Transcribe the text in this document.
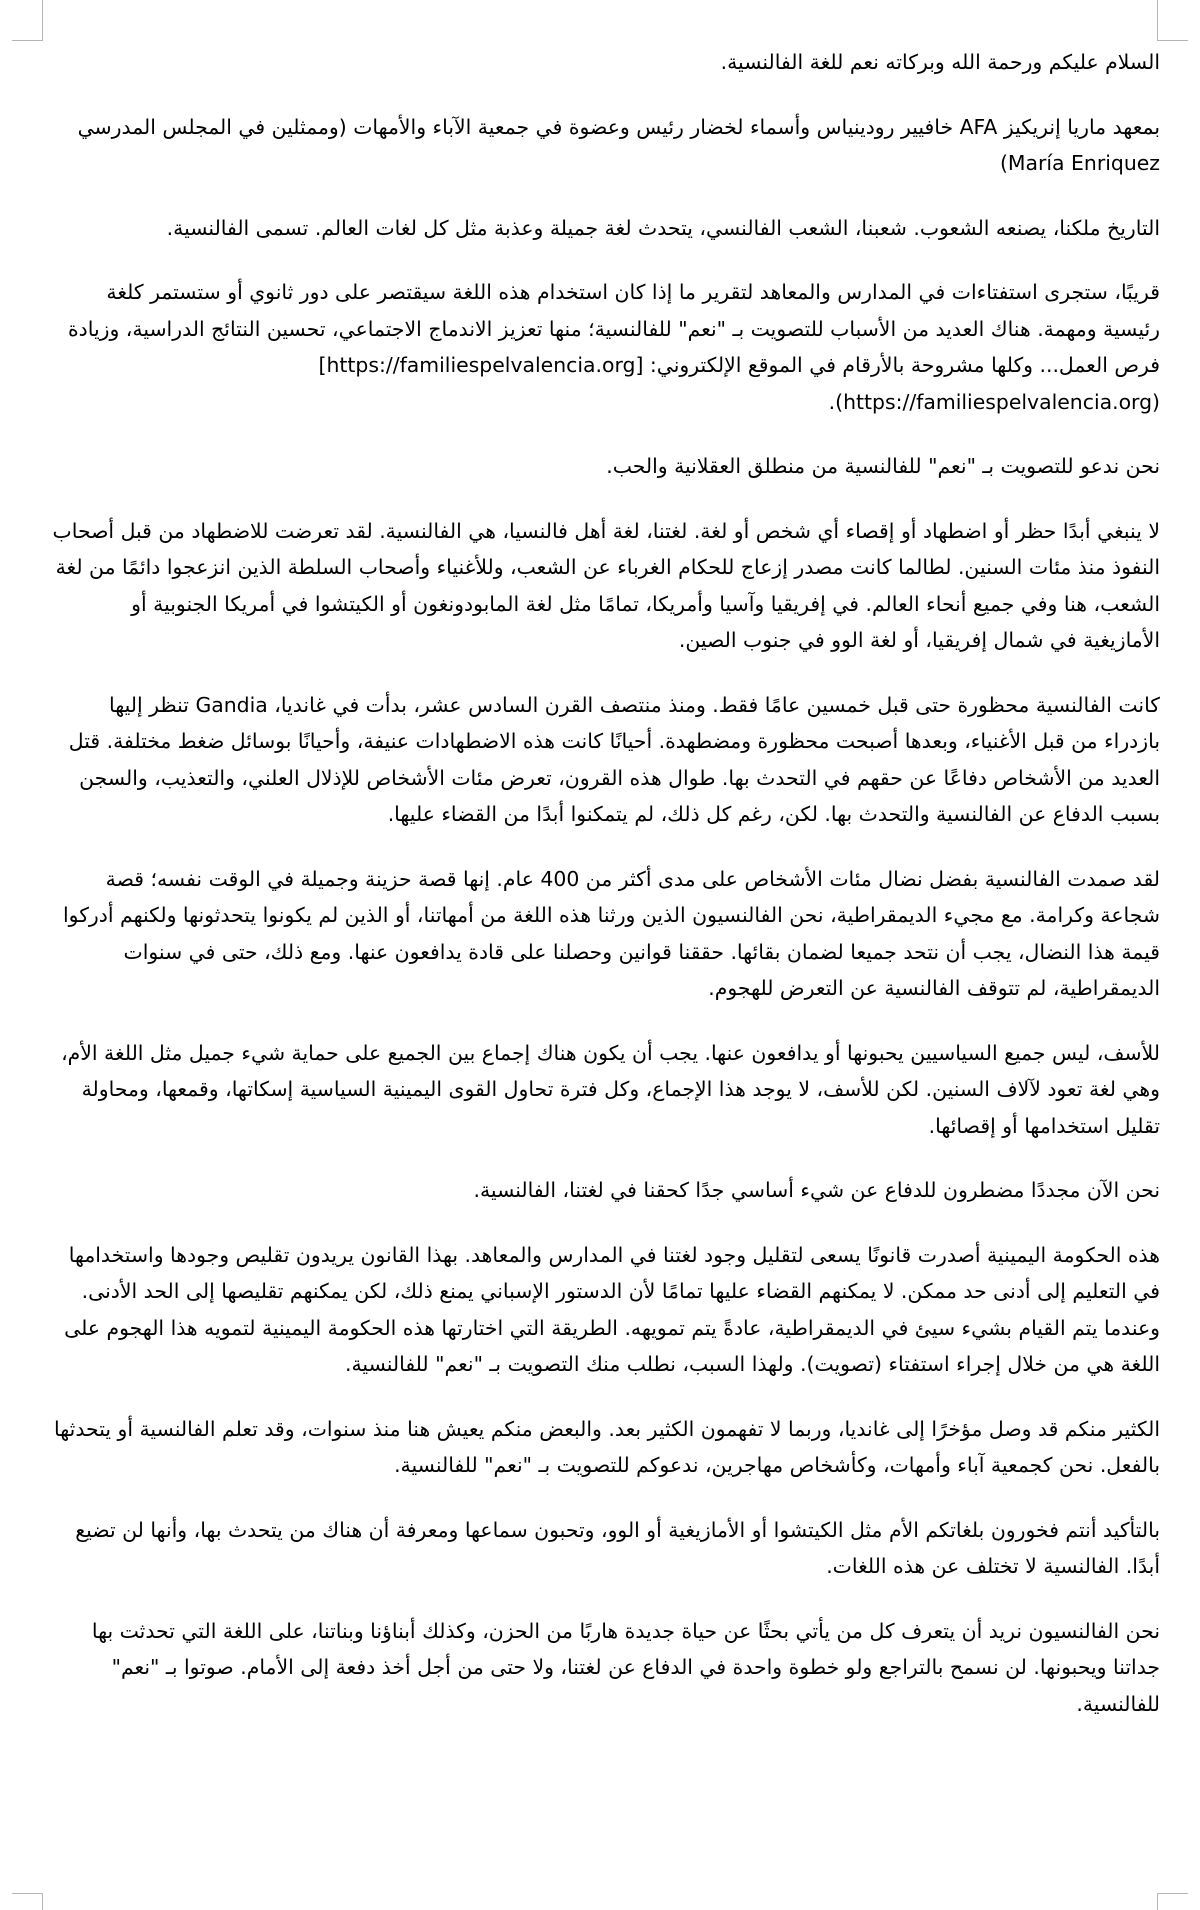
السلام عليكم ورحمة الله وبركاته نعم للغة الفالنسية.

بمعهد ماريا إنريكيز AFA خافيير رودينياس وأسماء لخضار رئيس وعضوة في جمعية الآباء والأمهات (وممثلين في المجلس المدرسي María Enriquez)

التاريخ ملكنا، يصنعه الشعوب. شعبنا، الشعب الفالنسي، يتحدث لغة جميلة وعذبة مثل كل لغات العالم. تسمى الفالنسية.

قريبًا، ستجرى استفتاءات في المدارس والمعاهد لتقرير ما إذا كان استخدام هذه اللغة سيقتصر على دور ثانوي أو ستستمر كلغة رئيسية ومهمة. هناك العديد من الأسباب للتصويت بـ "نعم" للفالنسية؛ منها تعزيز الاندماج الاجتماعي، تحسين النتائج الدراسية، وزيادة فرص العمل... وكلها مشروحة بالأرقام في الموقع الإلكتروني: [https://familiespelvalencia.org](https://familiespelvalencia.org).

نحن ندعو للتصويت بـ "نعم" للفالنسية من منطلق العقلانية والحب.

لا ينبغي أبدًا حظر أو اضطهاد أو إقصاء أي شخص أو لغة. لغتنا، لغة أهل فالنسيا، هي الفالنسية. لقد تعرضت للاضطهاد من قبل أصحاب النفوذ منذ مئات السنين. لطالما كانت مصدر إزعاج للحكام الغرباء عن الشعب، وللأغنياء وأصحاب السلطة الذين انزعجوا دائمًا من لغة الشعب، هنا وفي جميع أنحاء العالم. في إفريقيا وآسيا وأمريكا، تمامًا مثل لغة المابودونغون أو الكيتشوا في أمريكا الجنوبية أو الأمازيغية في شمال إفريقيا، أو لغة الوو في جنوب الصين.

كانت الفالنسية محظورة حتى قبل خمسين عامًا فقط. ومنذ منتصف القرن السادس عشر، بدأت في غانديا، Gandia تنظر إليها بازدراء من قبل الأغنياء، وبعدها أصبحت محظورة ومضطهدة. أحيانًا كانت هذه الاضطهادات عنيفة، وأحيانًا بوسائل ضغط مختلفة. قتل العديد من الأشخاص دفاعًا عن حقهم في التحدث بها. طوال هذه القرون، تعرض مئات الأشخاص للإذلال العلني، والتعذيب، والسجن بسبب الدفاع عن الفالنسية والتحدث بها. لكن، رغم كل ذلك، لم يتمكنوا أبدًا من القضاء عليها.

لقد صمدت الفالنسية بفضل نضال مئات الأشخاص على مدى أكثر من 400 عام. إنها قصة حزينة وجميلة في الوقت نفسه؛ قصة شجاعة وكرامة. مع مجيء الديمقراطية، نحن الفالنسيون الذين ورثنا هذه اللغة من أمهاتنا، أو الذين لم يكونوا يتحدثونها ولكنهم أدركوا قيمة هذا النضال، يجب أن نتحد جميعا لضمان بقائها. حققنا قوانين وحصلنا على قادة يدافعون عنها. ومع ذلك، حتى في سنوات الديمقراطية، لم تتوقف الفالنسية عن التعرض للهجوم.

للأسف، ليس جميع السياسيين يحبونها أو يدافعون عنها. يجب أن يكون هناك إجماع بين الجميع على حماية شيء جميل مثل اللغة الأم، وهي لغة تعود لآلاف السنين. لكن للأسف، لا يوجد هذا الإجماع، وكل فترة تحاول القوى اليمينية السياسية إسكاتها، وقمعها، ومحاولة تقليل استخدامها أو إقصائها.

نحن الآن مجددًا مضطرون للدفاع عن شيء أساسي جدًا كحقنا في لغتنا، الفالنسية.

هذه الحكومة اليمينية أصدرت قانونًا يسعى لتقليل وجود لغتنا في المدارس والمعاهد. بهذا القانون يريدون تقليص وجودها واستخدامها في التعليم إلى أدنى حد ممكن. لا يمكنهم القضاء عليها تمامًا لأن الدستور الإسباني يمنع ذلك، لكن يمكنهم تقليصها إلى الحد الأدنى. وعندما يتم القيام بشيء سيئ في الديمقراطية، عادةً يتم تمويهه. الطريقة التي اختارتها هذه الحكومة اليمينية لتمويه هذا الهجوم على اللغة هي من خلال إجراء استفتاء (تصويت). ولهذا السبب، نطلب منك التصويت بـ "نعم" للفالنسية.

الكثير منكم قد وصل مؤخرًا إلى غانديا، وربما لا تفهمون الكثير بعد. والبعض منكم يعيش هنا منذ سنوات، وقد تعلم الفالنسية أو يتحدثها بالفعل. نحن كجمعية آباء وأمهات، وكأشخاص مهاجرين، ندعوكم للتصويت بـ "نعم" للفالنسية.

بالتأكيد أنتم فخورون بلغاتكم الأم مثل الكيتشوا أو الأمازيغية أو الوو، وتحبون سماعها ومعرفة أن هناك من يتحدث بها، وأنها لن تضيع أبدًا. الفالنسية لا تختلف عن هذه اللغات.

نحن الفالنسيون نريد أن يتعرف كل من يأتي بحثًا عن حياة جديدة هاربًا من الحزن، وكذلك أبناؤنا وبناتنا، على اللغة التي تحدثت بها جداتنا ويحبونها. لن نسمح بالتراجع ولو خطوة واحدة في الدفاع عن لغتنا، ولا حتى من أجل أخذ دفعة إلى الأمام. صوتوا بـ "نعم" للفالنسية.
